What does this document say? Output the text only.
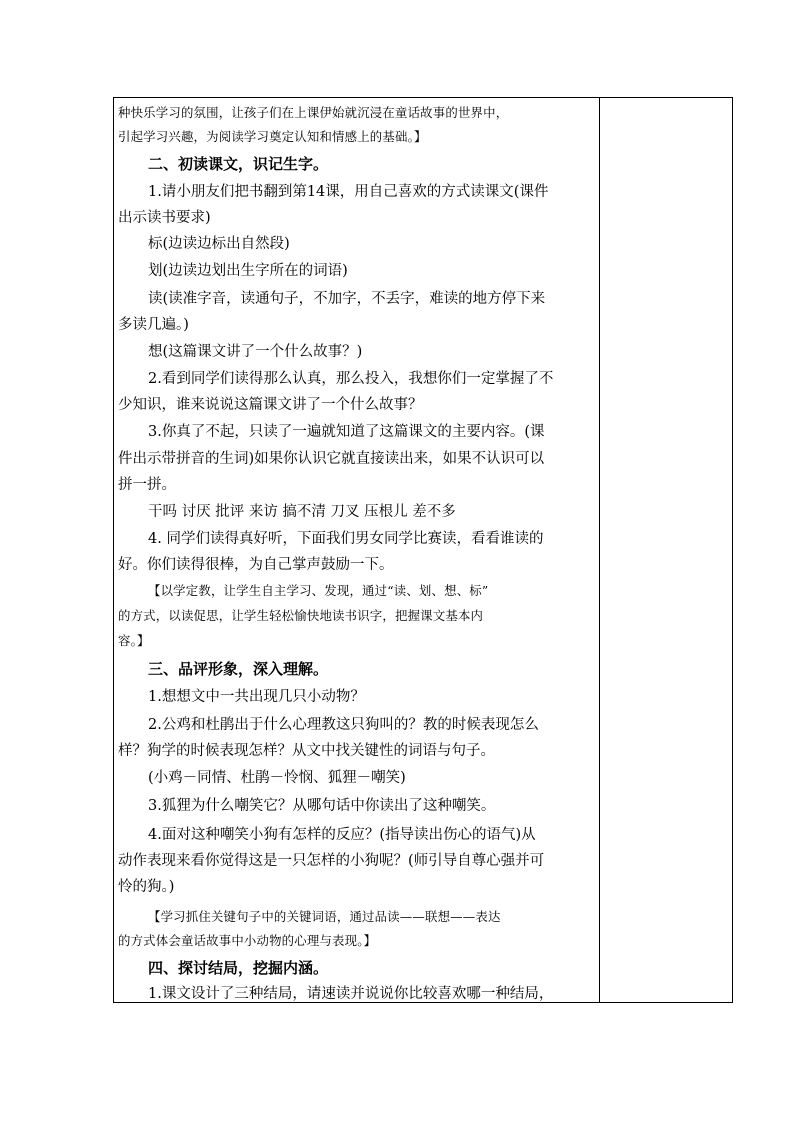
种快乐学习的氛围，让孩子们在上课伊始就沉浸在童话故事的世界中，
引起学习兴趣，为阅读学习奠定认知和情感上的基础。】
二、初读课文，识记生字。
1.请小朋友们把书翻到第14课，用自己喜欢的方式读课文(课件
出示读书要求)
标(边读边标出自然段)
划(边读边划出生字所在的词语)
读(读准字音，读通句子，不加字，不丢字，难读的地方停下来
多读几遍。)
想(这篇课文讲了一个什么故事？)
2.看到同学们读得那么认真，那么投入，我想你们一定掌握了不
少知识，谁来说说这篇课文讲了一个什么故事？
3.你真了不起，只读了一遍就知道了这篇课文的主要内容。(课
件出示带拼音的生词)如果你认识它就直接读出来，如果不认识可以
拼一拼。
干吗 讨厌 批评 来访 搞不清 刀叉 压根儿 差不多
4. 同学们读得真好听，下面我们男女同学比赛读，看看谁读的
好。你们读得很棒，为自己掌声鼓励一下。
【以学定教，让学生自主学习、发现，通过“读、划、想、标”
的方式，以读促思，让学生轻松愉快地读书识字，把握课文基本内
容。】
三、品评形象，深入理解。
1.想想文中一共出现几只小动物？
2.公鸡和杜鹃出于什么心理教这只狗叫的？教的时候表现怎么
样？狗学的时候表现怎样？从文中找关键性的词语与句子。
(小鸡－同情、杜鹃－怜悯、狐狸－嘲笑)
3.狐狸为什么嘲笑它？从哪句话中你读出了这种嘲笑。
4.面对这种嘲笑小狗有怎样的反应？(指导读出伤心的语气)从
动作表现来看你觉得这是一只怎样的小狗呢？(师引导自尊心强并可
怜的狗。)
【学习抓住关键句子中的关键词语，通过品读——联想——表达
的方式体会童话故事中小动物的心理与表现。】
四、探讨结局，挖掘内涵。
1.课文设计了三种结局，请速读并说说你比较喜欢哪一种结局，
